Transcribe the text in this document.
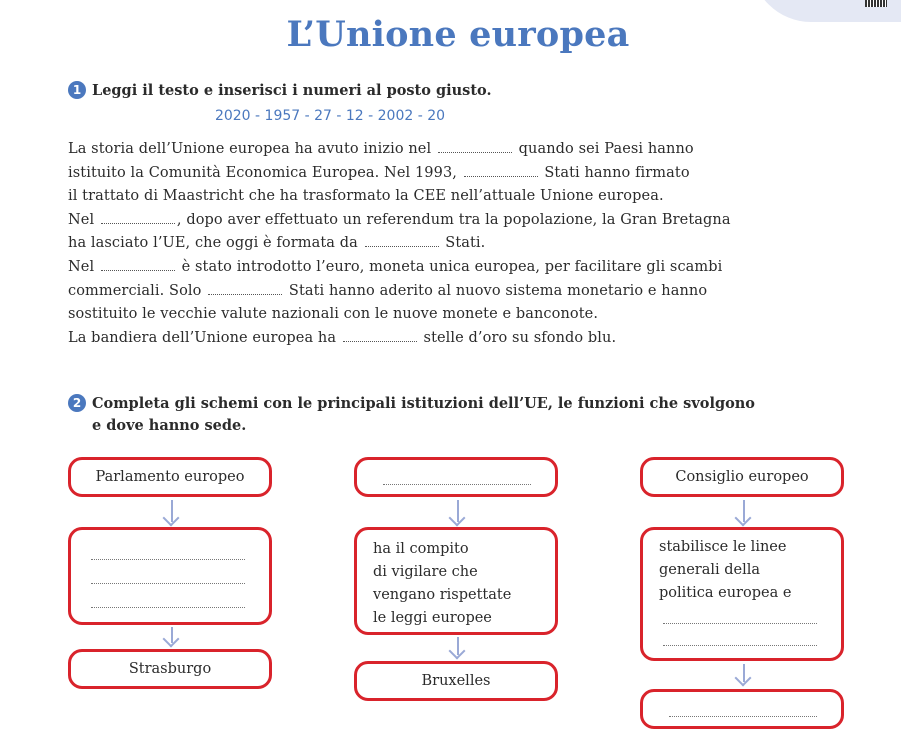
L’Unione europea
1 Leggi il testo e inserisci i numeri al posto giusto.
2020 - 1957 - 27 - 12 - 2002 - 20
La storia dell’Unione europea ha avuto inizio nel	quando sei Paesi hanno
istituito la Comunità Economica Europea. Nel 1993,	Stati hanno firmato
il trattato di Maastricht che ha trasformato la CEE nell’attuale Unione europea.
Nel	, dopo aver effettuato un referendum tra la popolazione, la Gran Bretagna
ha lasciato l’UE, che oggi è formata da	Stati.
Nel	è stato introdotto l’euro, moneta unica europea, per facilitare gli scambi
commerciali. Solo	Stati hanno aderito al nuovo sistema monetario e hanno
sostituito le vecchie valute nazionali con le nuove monete e banconote.
La bandiera dell’Unione europea ha	stelle d’oro su sfondo blu.
2 Completa gli schemi con le principali istituzioni dell’UE, le funzioni che svolgono
e dove hanno sede.
Parlamento europeo
Strasburgo
ha il compito
di vigilare che
vengano rispettate
le leggi europee
Bruxelles
Consiglio europeo
stabilisce le linee
generali della
politica europea e
